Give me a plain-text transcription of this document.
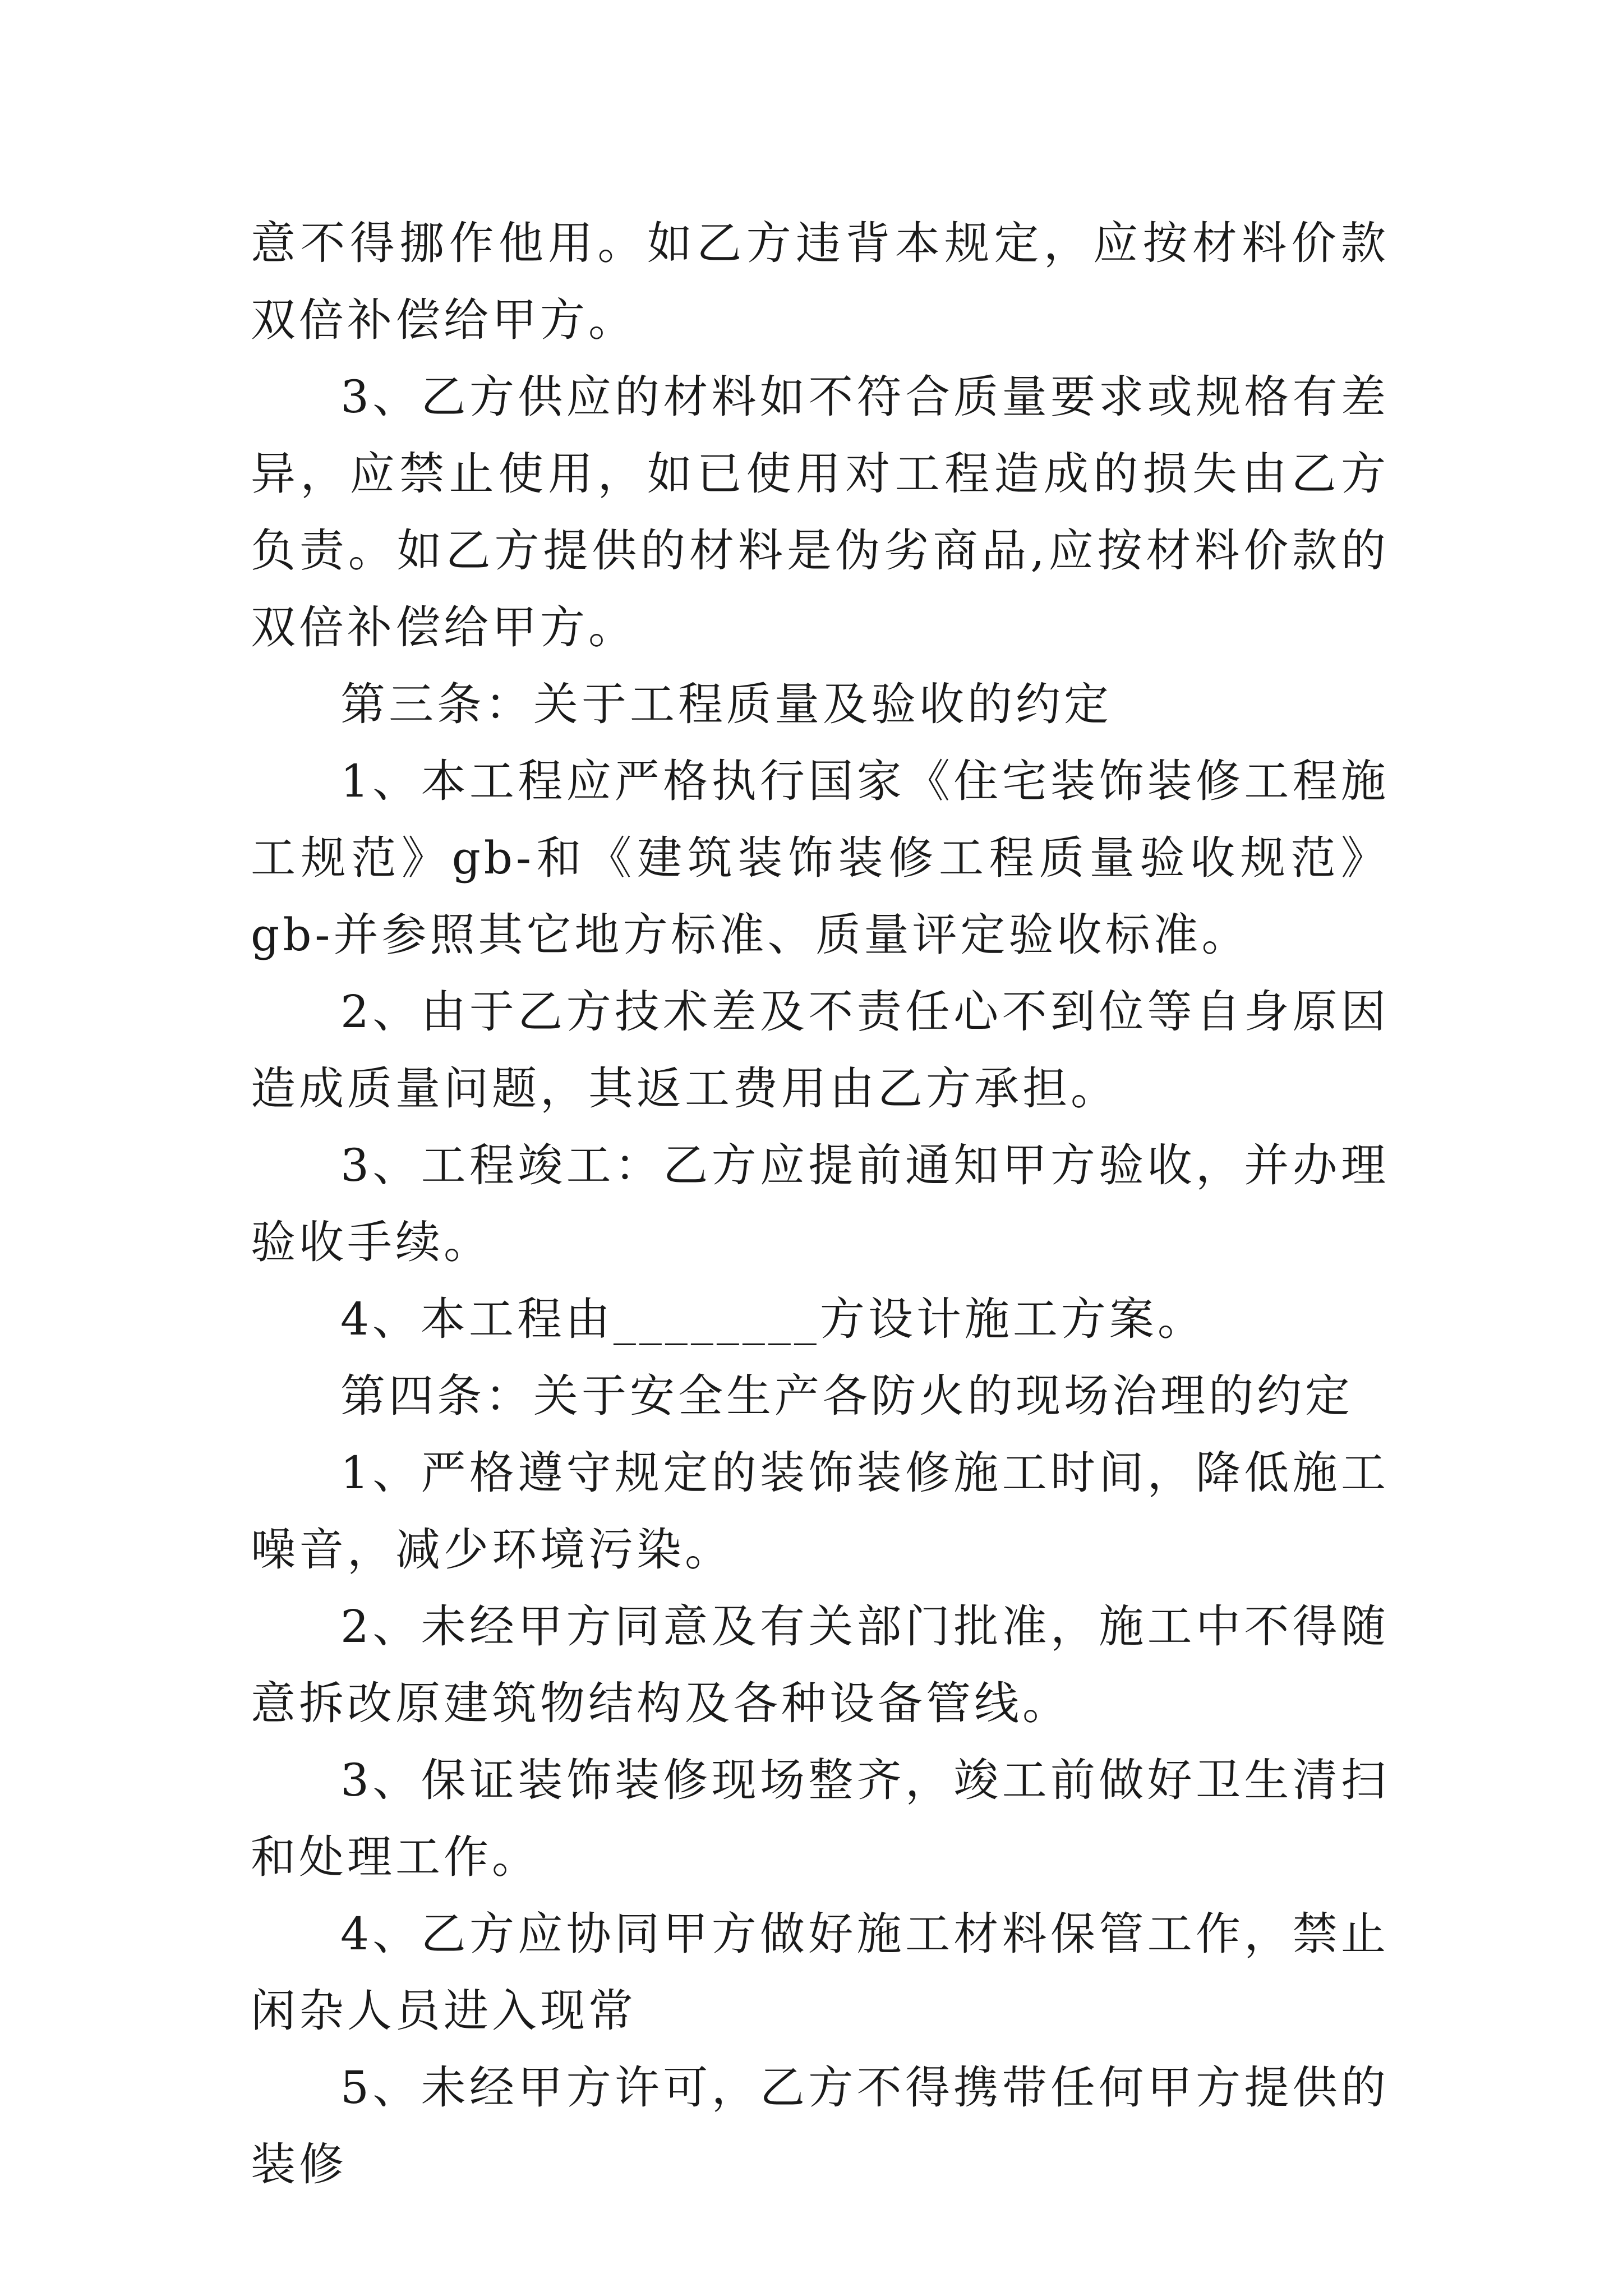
意不得挪作他用。如乙方违背本规定，应按材料价款双倍补偿给甲方。

3、乙方供应的材料如不符合质量要求或规格有差异，应禁止使用，如已使用对工程造成的损失由乙方负责。如乙方提供的材料是伪劣商品,应按材料价款的双倍补偿给甲方。

第三条：关于工程质量及验收的约定

1、本工程应严格执行国家《住宅装饰装修工程施工规范》gb-和《建筑装饰装修工程质量验收规范》gb-并参照其它地方标准、质量评定验收标准。

2、由于乙方技术差及不责任心不到位等自身原因造成质量问题，其返工费用由乙方承担。

3、工程竣工：乙方应提前通知甲方验收，并办理验收手续。

4、本工程由________方设计施工方案。

第四条：关于安全生产各防火的现场治理的约定

1、严格遵守规定的装饰装修施工时间，降低施工噪音，减少环境污染。

2、未经甲方同意及有关部门批准，施工中不得随意拆改原建筑物结构及各种设备管线。

3、保证装饰装修现场整齐，竣工前做好卫生清扫和处理工作。

4、乙方应协同甲方做好施工材料保管工作，禁止闲杂人员进入现常

5、未经甲方许可，乙方不得携带任何甲方提供的装修
